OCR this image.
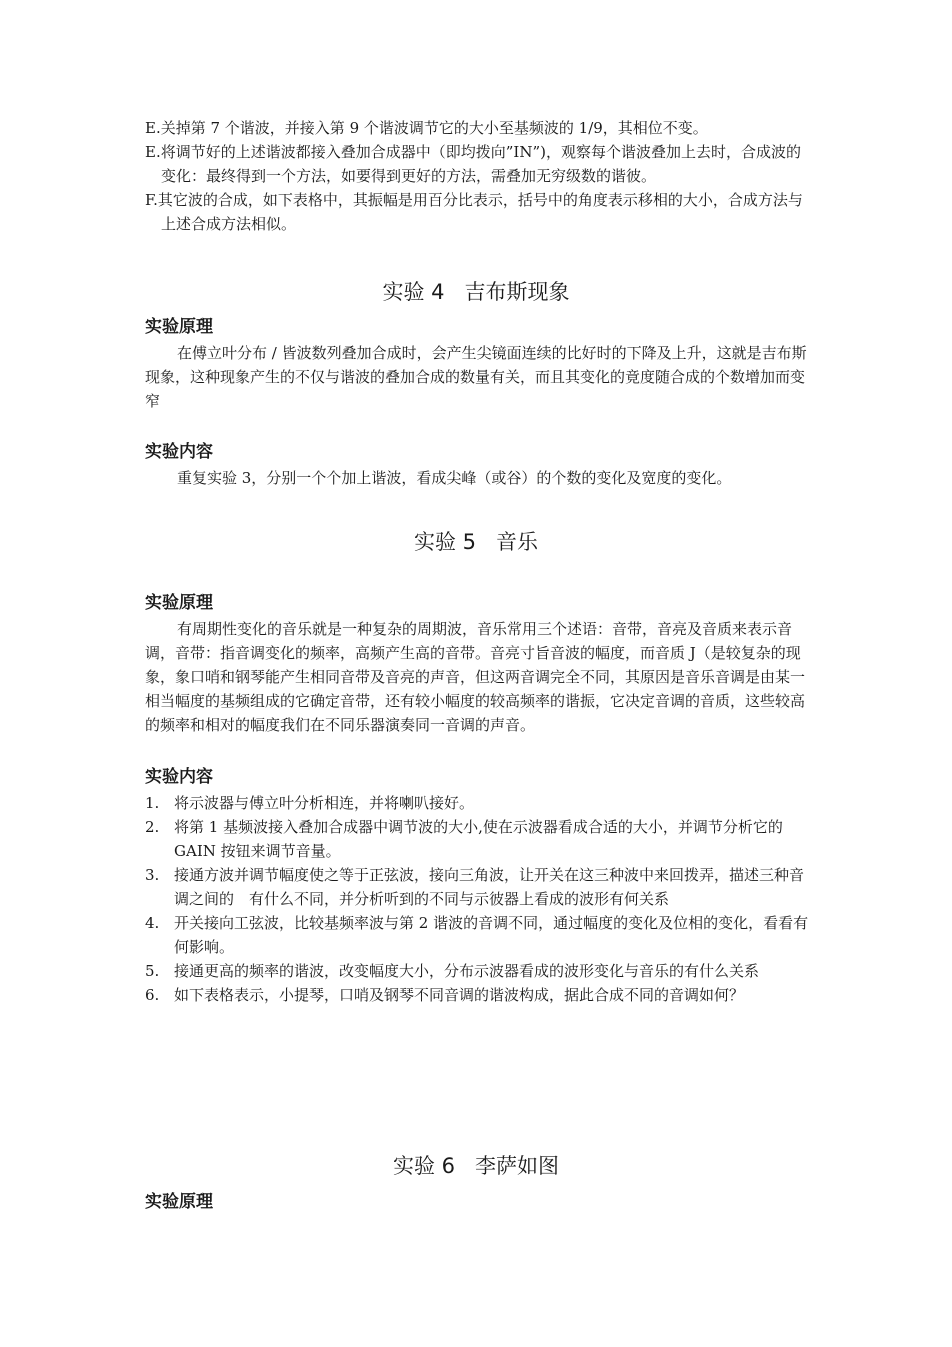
E.关掉第 7 个谐波，并接入第 9 个谐波调节它的大小至基频波的 1/9，其相位不变。

E.将调节好的上述谐波都接入叠加合成器中（即均拨向”IN”)，观察每个谐波叠加上去时，合成波的变化：最终得到一个方法，如要得到更好的方法，需叠加无穷级数的谐彼。

F.其它波的合成，如下表格中，其振幅是用百分比表示，括号中的角度表示移相的大小，合成方法与上述合成方法相似。

实验 4 吉布斯现象
实验原理
在傅立叶分布 / 皆波数列叠加合成时，会产生尖镜面连续的比好时的下降及上升，这就是吉布斯现象，这种现象产生的不仅与谐波的叠加合成的数量有关，而且其变化的竟度随合成的个数增加而变窄
实验内容
重复实验 3，分别一个个加上谐波，看成尖峰（或谷）的个数的变化及宽度的变化。
实验 5 音乐
实验原理
有周期性变化的音乐就是一种复杂的周期波，音乐常用三个述语：音带，音亮及音质来表示音调，音带：指音调变化的频率，高频产生高的音带。音亮寸旨音波的幅度，而音质 J（是较复杂的现象，象口哨和钢琴能产生相同音带及音亮的声音，但这两音调完全不同，其原因是音乐音调是由某一相当幅度的基频组成的它确定音带，还有较小幅度的较高频率的谐振，它决定音调的音质，这些较高的频率和相对的幅度我们在不同乐器演奏同一音调的声音。
实验内容
1. 将示波器与傅立叶分析相连，并将喇叭接好。
2. 将第 1 基频波接入叠加合成器中调节波的大小,使在示波器看成合适的大小，并调节分析它的 GAIN 按钮来调节音量。
3. 接通方波并调节幅度使之等于正弦波，接向三角波，让开关在这三种波中来回拨弄，描述三种音调之间的　有什么不同，并分析听到的不同与示彼器上看成的波形有何关系
4. 开关接向工弦波，比较基频率波与第 2 谐波的音调不同，通过幅度的变化及位相的变化，看看有何影响。
5. 接通更高的频率的谐波，改变幅度大小，分布示波器看成的波形变化与音乐的有什么关系
6. 如下表格表示，小提琴，口哨及钢琴不同音调的谐波构成，据此合成不同的音调如何？
实验 6 李萨如图
实验原理
